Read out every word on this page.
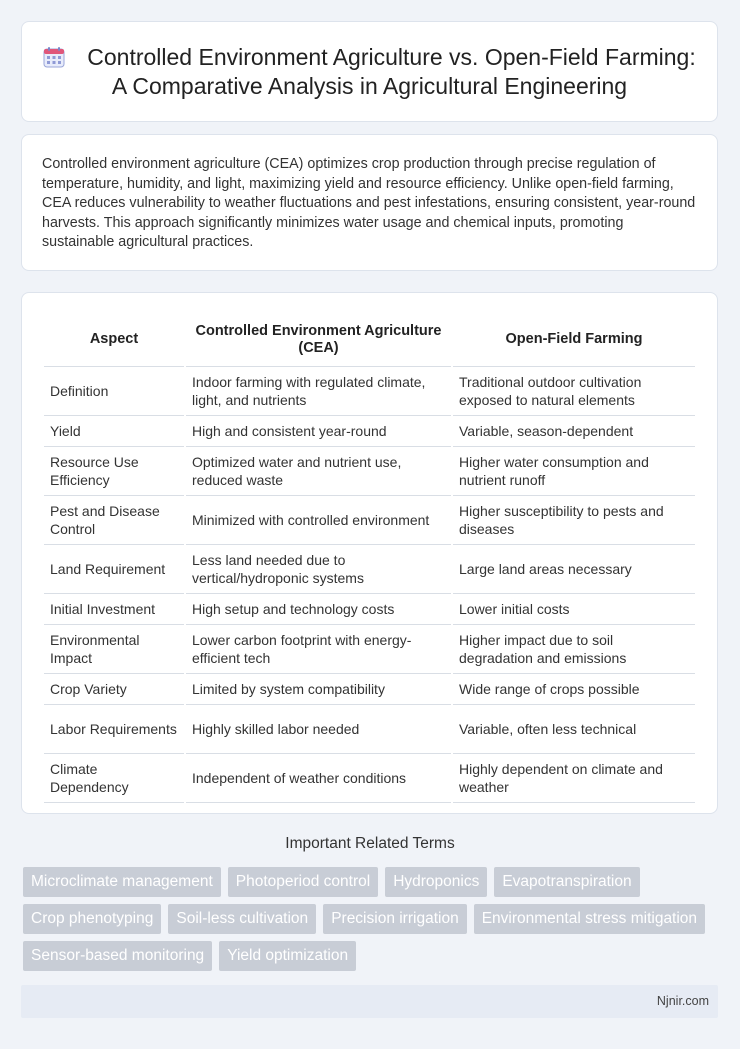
Controlled Environment Agriculture vs. Open-Field Farming: A Comparative Analysis in Agricultural Engineering

Controlled environment agriculture (CEA) optimizes crop production through precise regulation of temperature, humidity, and light, maximizing yield and resource efficiency. Unlike open-field farming, CEA reduces vulnerability to weather fluctuations and pest infestations, ensuring consistent, year-round harvests. This approach significantly minimizes water usage and chemical inputs, promoting sustainable agricultural practices.

Aspect	Controlled Environment Agriculture (CEA)	Open-Field Farming
Definition	Indoor farming with regulated climate, light, and nutrients	Traditional outdoor cultivation exposed to natural elements
Yield	High and consistent year-round	Variable, season-dependent
Resource Use Efficiency	Optimized water and nutrient use, reduced waste	Higher water consumption and nutrient runoff
Pest and Disease Control	Minimized with controlled environment	Higher susceptibility to pests and diseases
Land Requirement	Less land needed due to vertical/hydroponic systems	Large land areas necessary
Initial Investment	High setup and technology costs	Lower initial costs
Environmental Impact	Lower carbon footprint with energy-efficient tech	Higher impact due to soil degradation and emissions
Crop Variety	Limited by system compatibility	Wide range of crops possible
Labor Requirements	Highly skilled labor needed	Variable, often less technical
Climate Dependency	Independent of weather conditions	Highly dependent on climate and weather
Important Related Terms
Microclimate management	Photoperiod control	Hydroponics	Evapotranspiration
Crop phenotyping	Soil-less cultivation	Precision irrigation	Environmental stress mitigation
Sensor-based monitoring	Yield optimization
Njnir.com
